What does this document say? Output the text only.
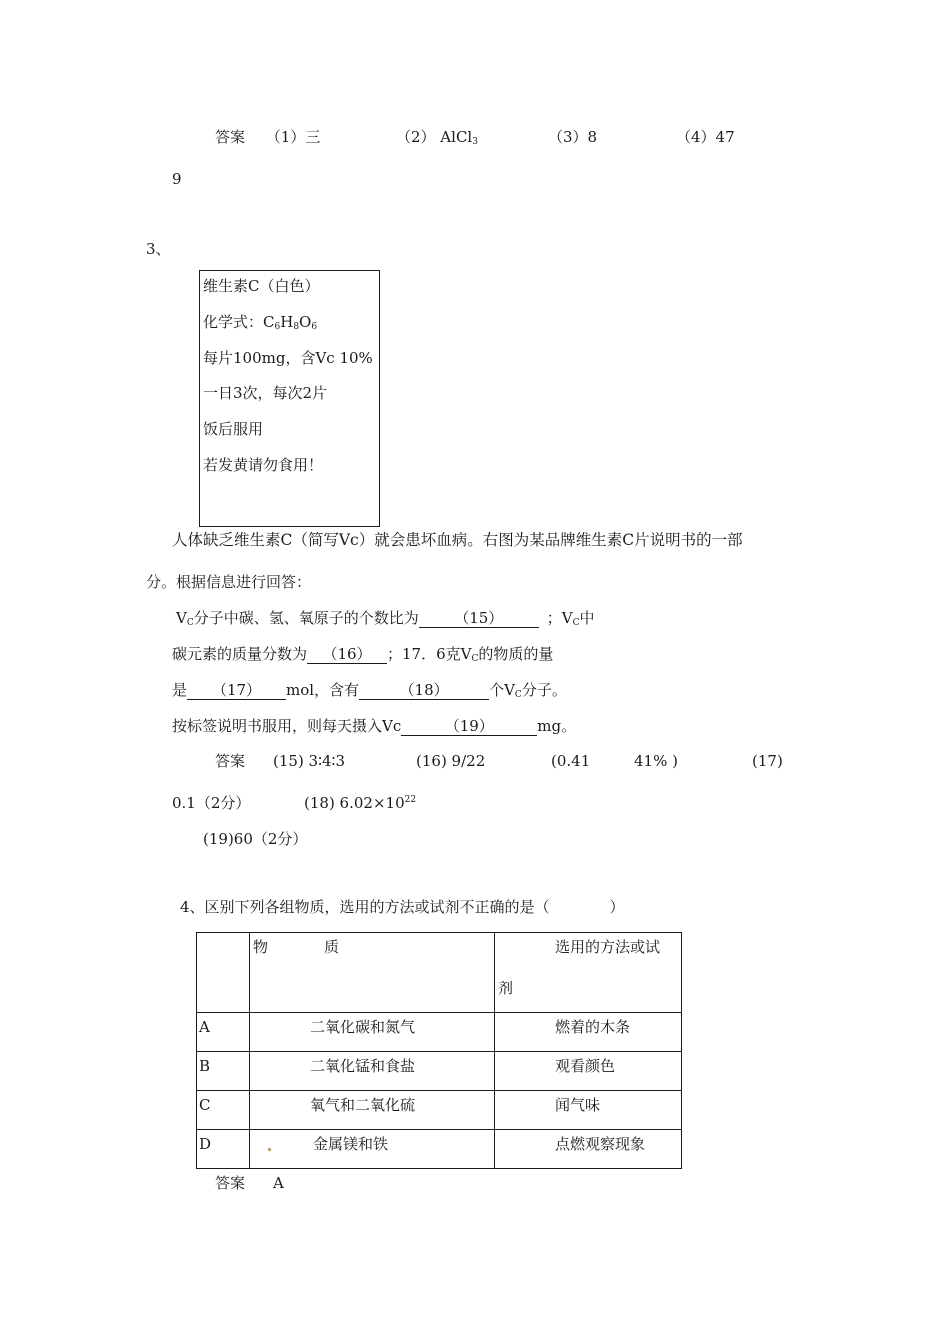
答案 （1）三	（2） AlCl$_3$	（3）8	（4）47
9
3、
维生素C（白色）
化学式：$C_6H_8O_6$
每片100mg，含Vc 10%
一日3次，每次2片
饭后服用
若发黄请勿食用！
人体缺乏维生素C（简写Vc）就会患坏血病。右图为某品牌维生素C片说明书的一部
分。根据信息进行回答：
$V_C$分子中碳、氢、氧原子的个数比为 （15）	；$V_C$中
碳元素的质量分数为 （16） ；17．6克$V_C$的物质的量
是 （17） mol，含有	（18）	个$V_C$分子。
按标签说明书服用，则每天摄入Vc	（19）	mg。
答案 (15) 3∶4∶3	(16) 9/22	(0.41	41% )	(17)
0.1（2分）	(18) $6.02\times 10^{22}$
(19)60（2分）
4、区别下列各组物质，选用的方法或试剂不正确的是（　　　　）

	物 质	选用的方法或试
剂

A	二氧化碳和氮气	燃着的木条

B	二氧化锰和食盐	观看颜色

C	氧气和二氧化硫	闻气味

D	金属镁和铁	点燃观察现象
答案 A
